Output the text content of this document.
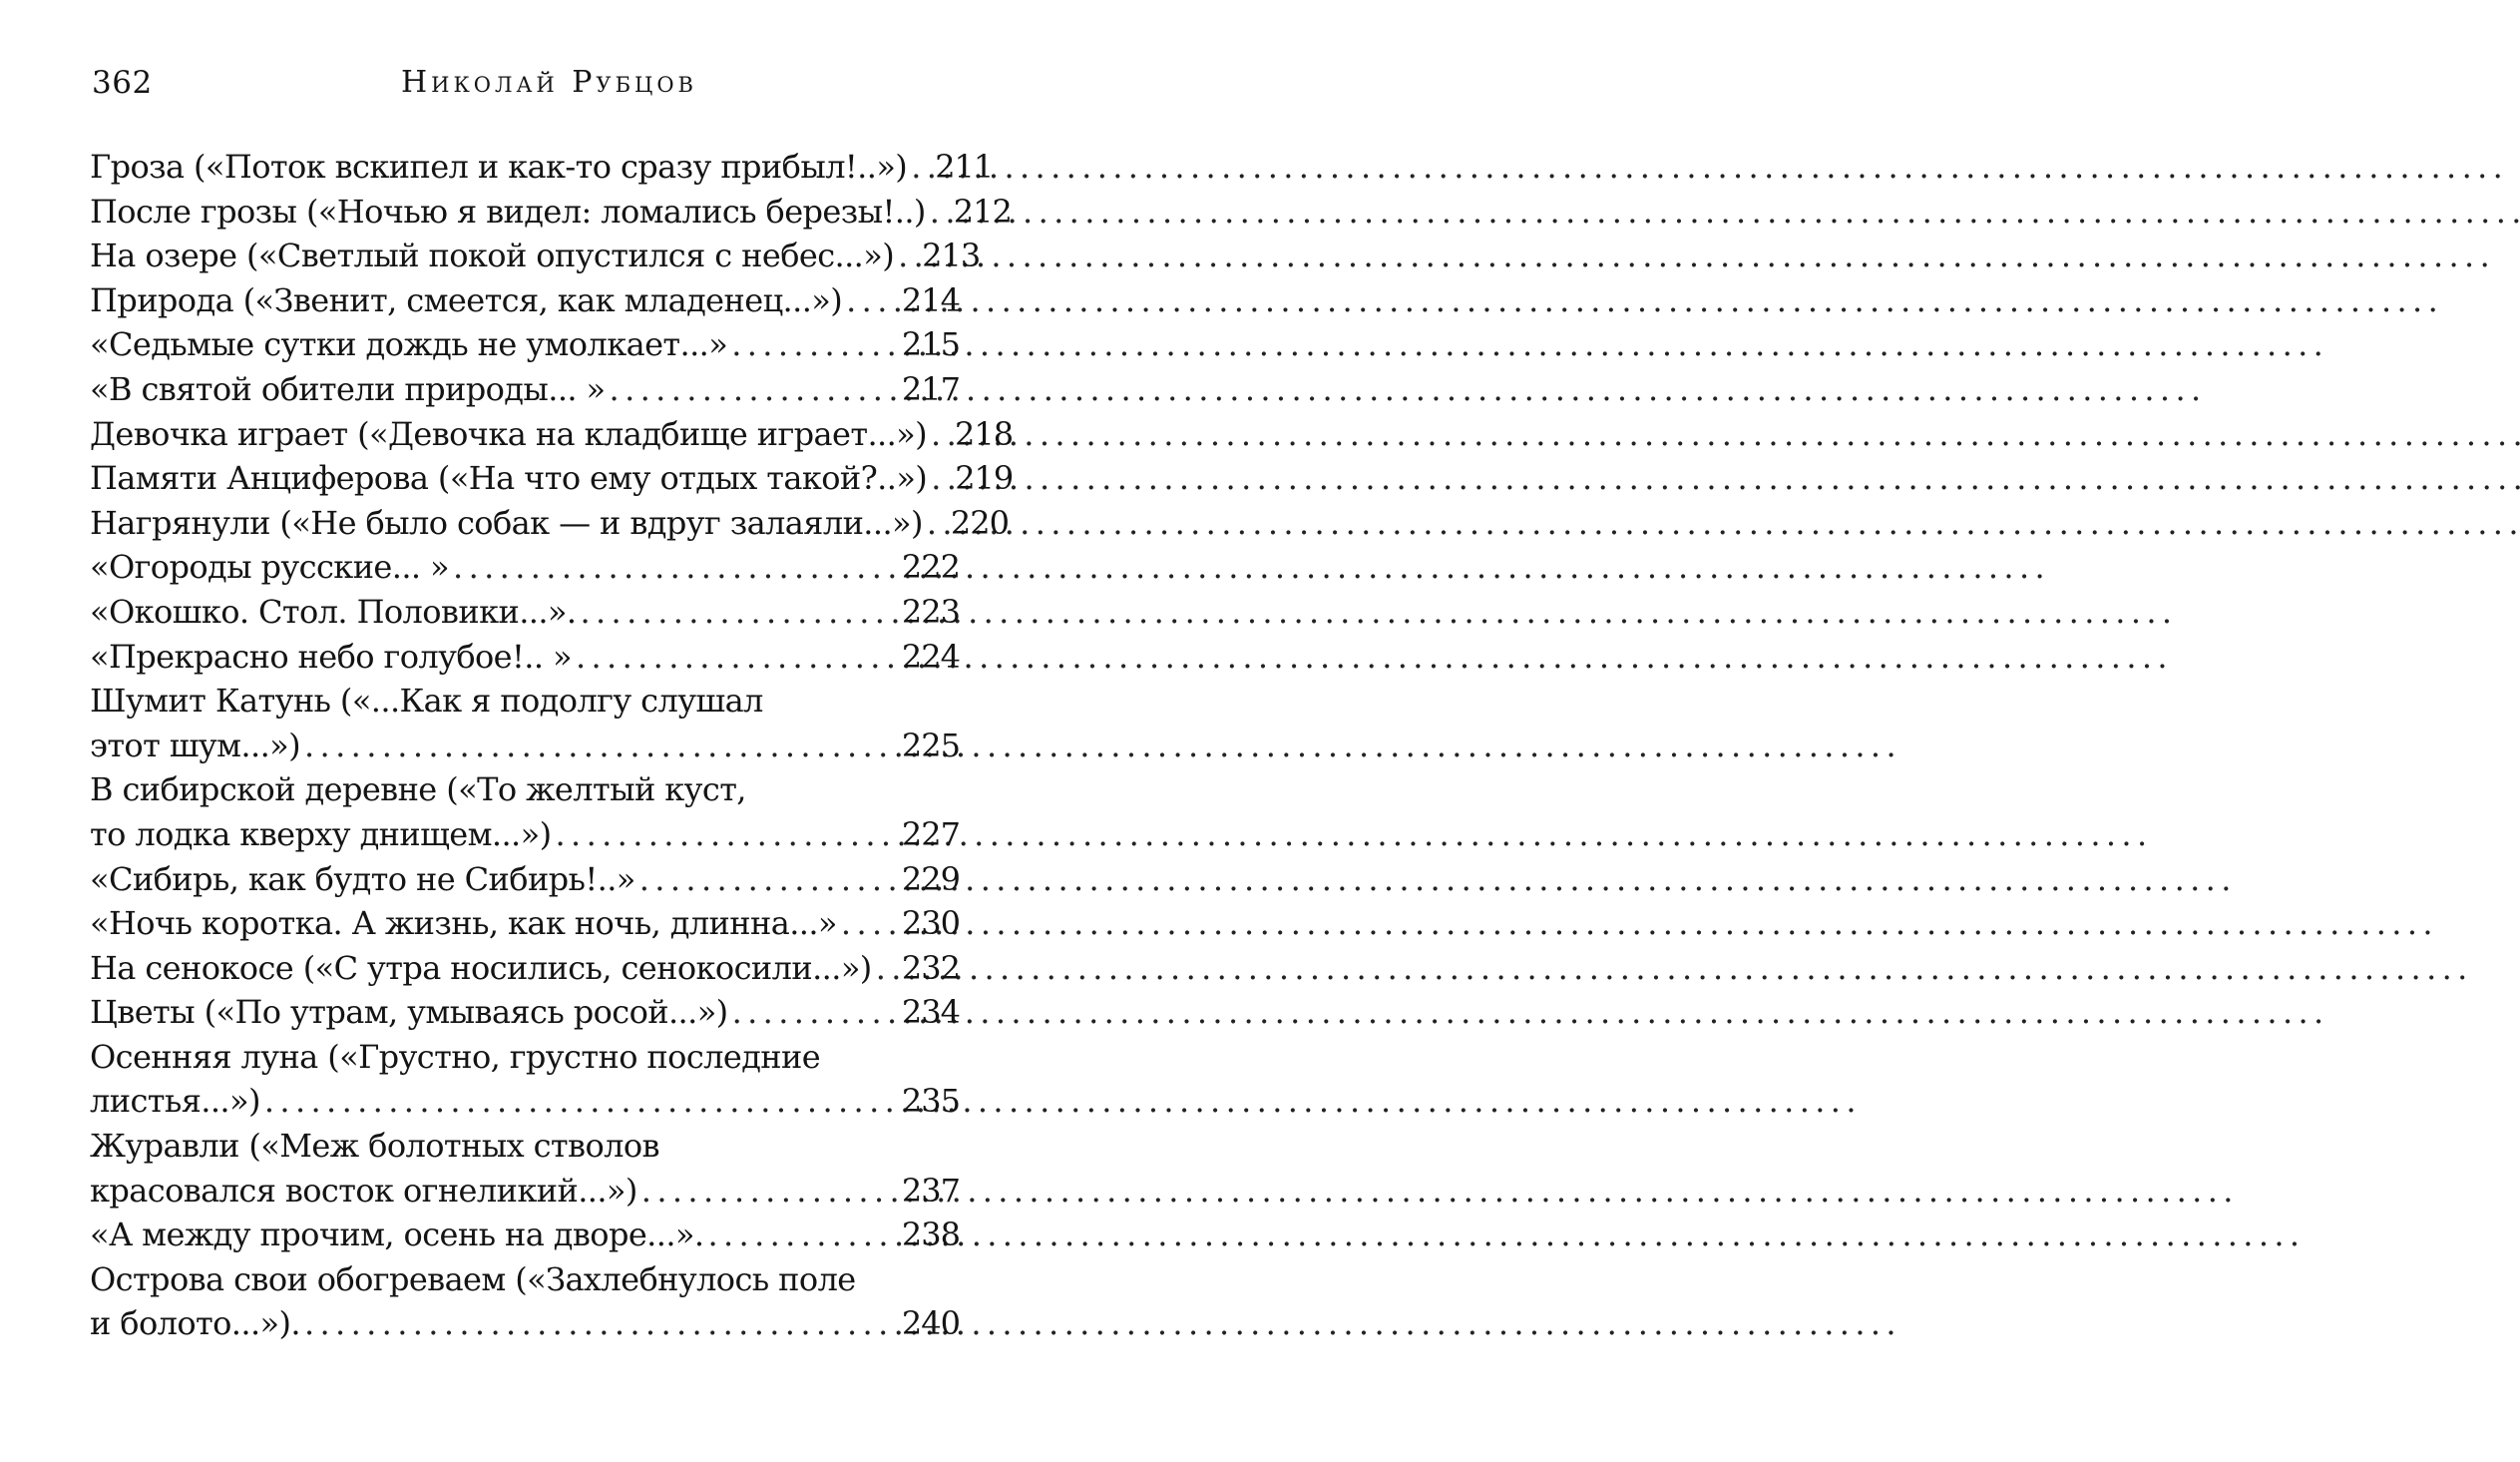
362	Николай Рубцов
Гроза («Поток вскипел и как-то сразу прибыл!..») . . . 211
После грозы («Ночью я видел: ломались березы!..) . . . 212
На озере («Светлый покой опустился с небес...») . . . 213
Природа («Звенит, смеется, как младенец...») . . . 214
«Седьмые сутки дождь не умолкает...» . . .	215
«В святой обители природы... » . . .	217
Девочка играет («Девочка на кладбище играет...») . . . 218
Памяти Анциферова («На что ему отдых такой?..») . . . 219
Нагрянули («Не было собак — и вдруг залаяли...») . . . 220
«Огороды русские... » . . .	222
«Окошко. Стол. Половики...». . . .	223
«Прекрасно небо голубое!.. » . . .	224
Шумит Катунь («...Как я подолгу слушал
этот шум...») . . .	225
В сибирской деревне («То желтый куст,
то лодка кверху днищем...») . . .	227
«Сибирь, как будто не Сибирь!..» . . .	229
«Ночь коротка. А жизнь, как ночь, длинна...» . . . 230
На сенокосе («С утра носились, сенокосили...») . . . 232
Цветы («По утрам, умываясь росой...») . . .	234
Осенняя луна («Грустно, грустно последние
листья...») . . .	235
Журавли («Меж болотных стволов
красовался восток огнеликий...») . . .	237
«А между прочим, осень на дворе...». . . .	238
Острова свои обогреваем («Захлебнулось поле
и болото...»). . . .	240
